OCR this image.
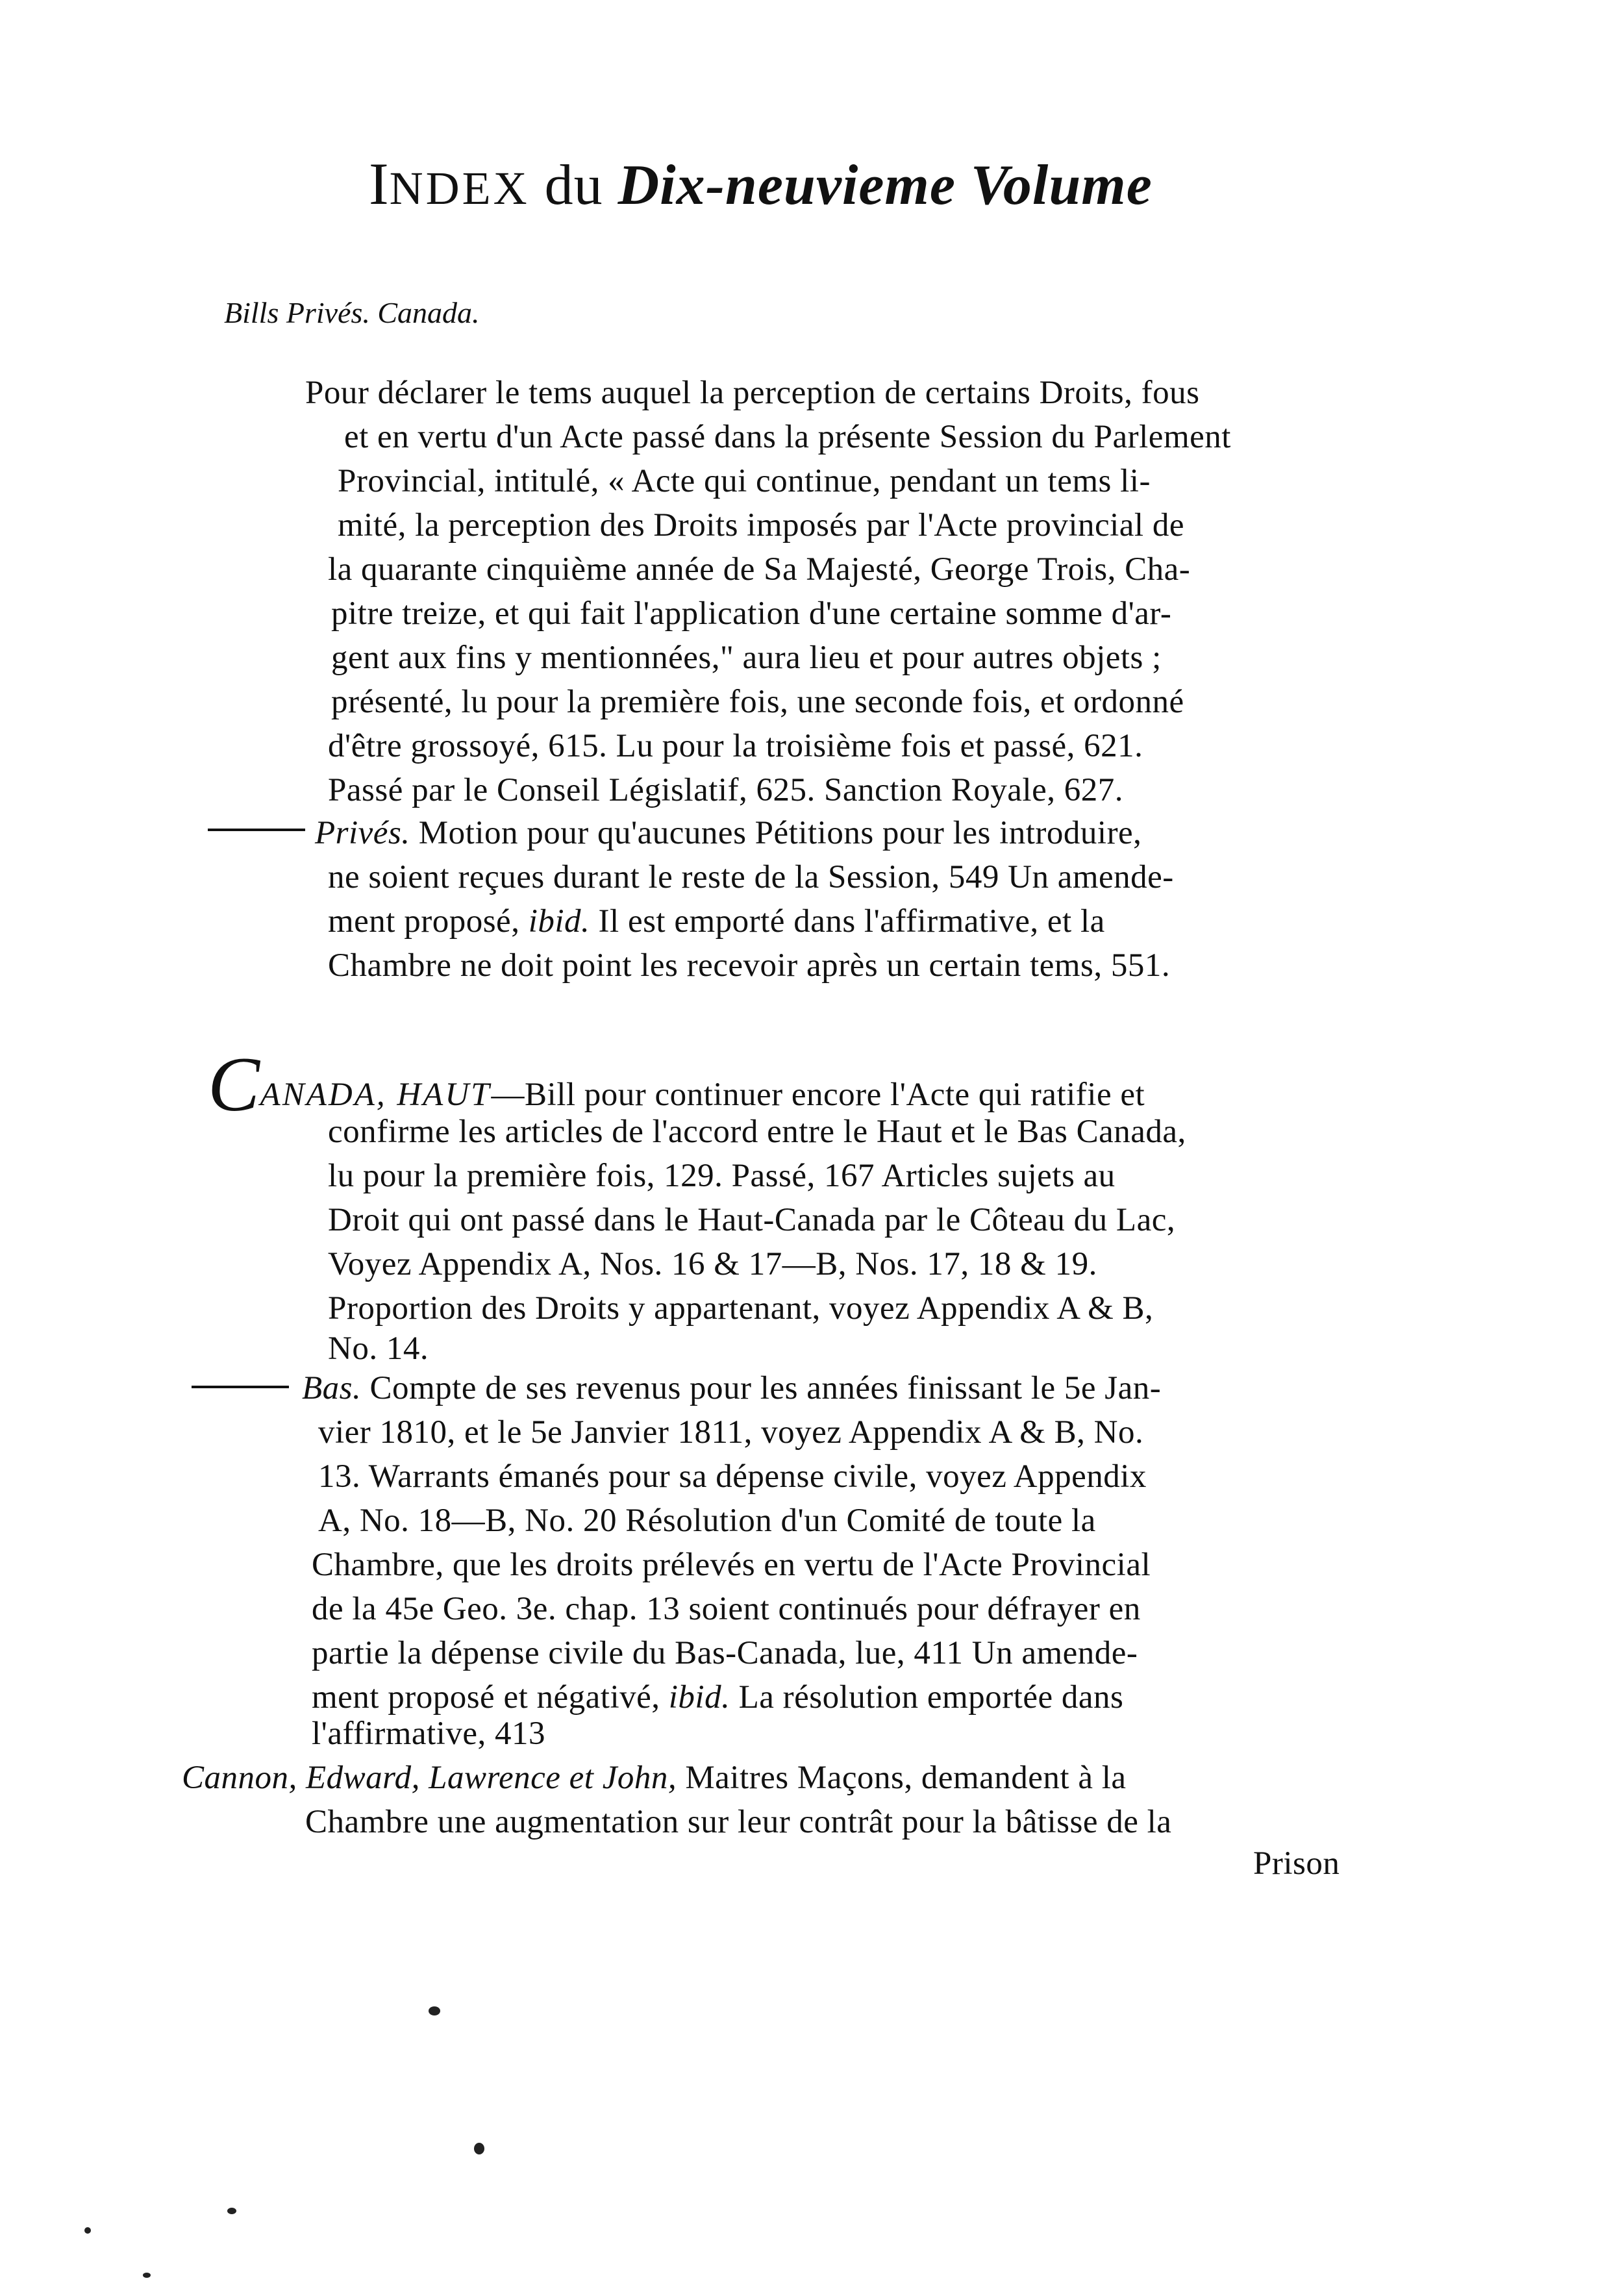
INDEX du Dix-neuvieme Volume
Bills Privés. Canada.
Pour déclarer le tems auquel la perception de certains Droits, fous
et en vertu d'un Acte passé dans la présente Session du Parlement
Provincial, intitulé, « Acte qui continue, pendant un tems li-
mité, la perception des Droits imposés par l'Acte provincial de
la quarante cinquième année de Sa Majesté, George Trois, Cha-
pitre treize, et qui fait l'application d'une certaine somme d'ar-
gent aux fins y mentionnées," aura lieu et pour autres objets ;
présenté, lu pour la première fois, une seconde fois, et ordonné
d'être grossoyé, 615. Lu pour la troisième fois et passé, 621.
Passé par le Conseil Législatif, 625. Sanction Royale, 627.
Privés. Motion pour qu'aucunes Pétitions pour les introduire,
ne soient reçues durant le reste de la Session, 549 Un amende-
ment proposé, ibid. Il est emporté dans l'affirmative, et la
Chambre ne doit point les recevoir après un certain tems, 551.
CANADA, HAUT—Bill pour continuer encore l'Acte qui ratifie et
confirme les articles de l'accord entre le Haut et le Bas Canada,
lu pour la première fois, 129. Passé, 167 Articles sujets au
Droit qui ont passé dans le Haut-Canada par le Côteau du Lac,
Voyez Appendix A, Nos. 16 & 17—B, Nos. 17, 18 & 19.
Proportion des Droits y appartenant, voyez Appendix A & B,
No. 14.
Bas. Compte de ses revenus pour les années finissant le 5e Jan-
vier 1810, et le 5e Janvier 1811, voyez Appendix A & B, No.
13. Warrants émanés pour sa dépense civile, voyez Appendix
A, No. 18—B, No. 20 Résolution d'un Comité de toute la
Chambre, que les droits prélevés en vertu de l'Acte Provincial
de la 45e Geo. 3e. chap. 13 soient continués pour défrayer en
partie la dépense civile du Bas-Canada, lue, 411 Un amende-
ment proposé et négativé, ibid. La résolution emportée dans
l'affirmative, 413
Cannon, Edward, Lawrence et John, Maitres Maçons, demandent à la
Chambre une augmentation sur leur contrât pour la bâtisse de la
Prison
